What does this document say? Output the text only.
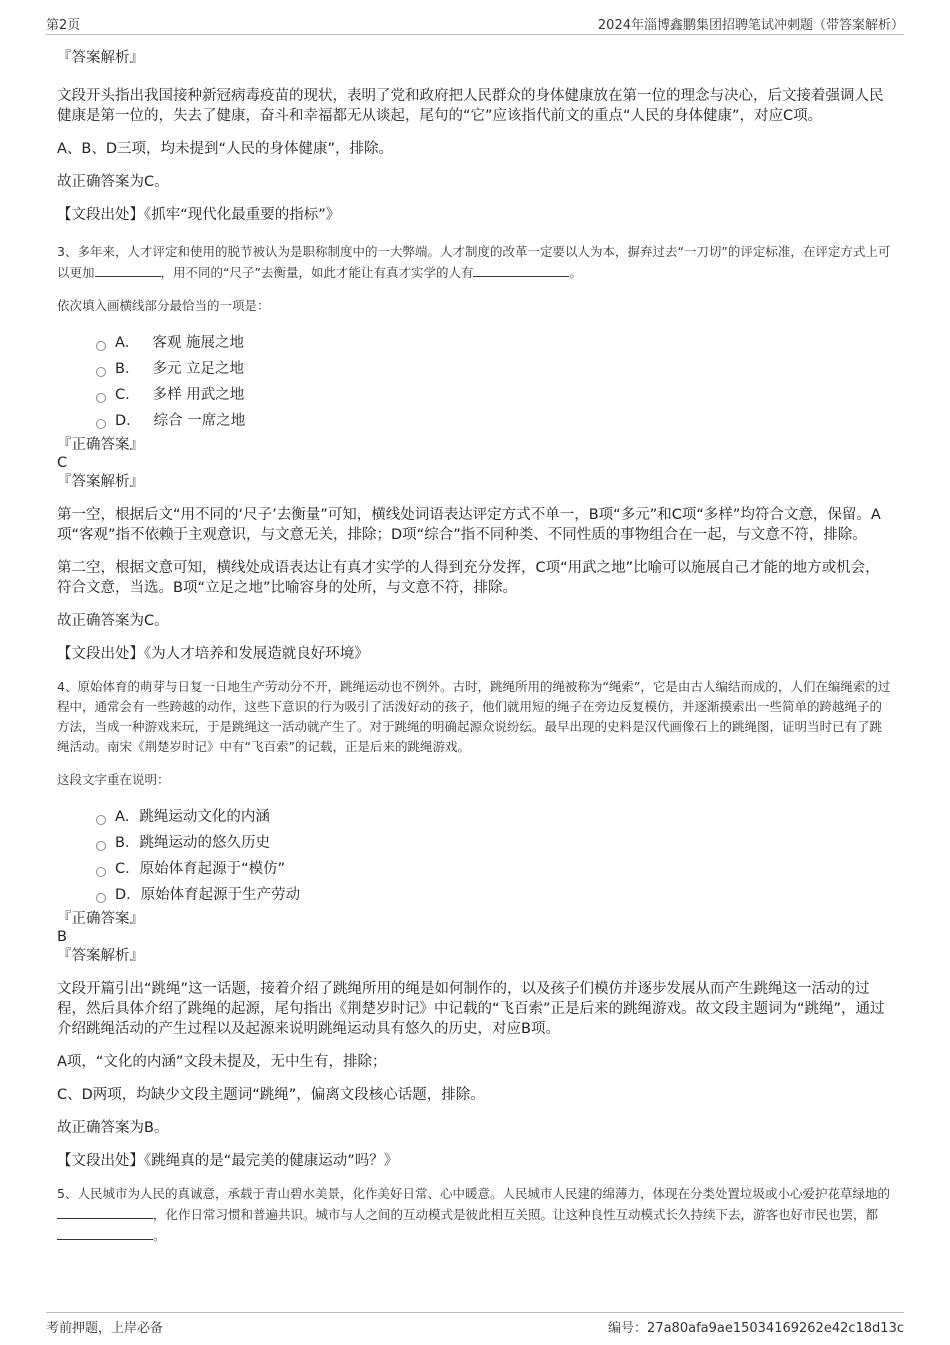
第2页	2024年淄博鑫鹏集团招聘笔试冲刺题（带答案解析）

『答案解析』

文段开头指出我国接种新冠病毒疫苗的现状，表明了党和政府把人民群众的身体健康放在第一位的理念与决心，后文接着强调人民健康是第一位的，失去了健康，奋斗和幸福都无从谈起，尾句的“它”应该指代前文的重点“人民的身体健康”，对应C项。

A、B、D三项，均未提到“人民的身体健康”，排除。

故正确答案为C。

【文段出处】《抓牢“现代化最重要的指标”》

3、多年来，人才评定和使用的脱节被认为是职称制度中的一大弊端。人才制度的改革一定要以人为本，摒弃过去“一刀切”的评定标准，在评定方式上可以更加	，用不同的“尺子”去衡量，如此才能让有真才实学的人有	。

依次填入画横线部分最恰当的一项是：

A． 客观 施展之地
B． 多元 立足之地
C． 多样 用武之地
D． 综合 一席之地

『正确答案』

C

『答案解析』

第一空，根据后文“用不同的‘尺子’去衡量”可知，横线处词语表达评定方式不单一，B项“多元”和C项“多样”均符合文意，保留。A项“客观”指不依赖于主观意识，与文意无关，排除；D项“综合”指不同种类、不同性质的事物组合在一起，与文意不符，排除。

第二空，根据文意可知，横线处成语表达让有真才实学的人得到充分发挥，C项“用武之地”比喻可以施展自己才能的地方或机会，符合文意，当选。B项“立足之地”比喻容身的处所，与文意不符，排除。

故正确答案为C。

【文段出处】《为人才培养和发展造就良好环境》

4、原始体育的萌芽与日复一日地生产劳动分不开，跳绳运动也不例外。古时，跳绳所用的绳被称为“绳索”，它是由古人编结而成的，人们在编绳索的过程中，通常会有一些跨越的动作，这些下意识的行为吸引了活泼好动的孩子，他们就用短的绳子在旁边反复模仿，并逐渐摸索出一些简单的跨越绳子的方法，当成一种游戏来玩，于是跳绳这一活动就产生了。对于跳绳的明确起源众说纷纭。最早出现的史料是汉代画像石上的跳绳图，证明当时已有了跳绳活动。南宋《荆楚岁时记》中有“飞百索”的记载，正是后来的跳绳游戏。

这段文字重在说明：

A． 跳绳运动文化的内涵
B． 跳绳运动的悠久历史
C． 原始体育起源于“模仿”
D． 原始体育起源于生产劳动

『正确答案』

B

『答案解析』

文段开篇引出“跳绳”这一话题，接着介绍了跳绳所用的绳是如何制作的，以及孩子们模仿并逐步发展从而产生跳绳这一活动的过程，然后具体介绍了跳绳的起源，尾句指出《荆楚岁时记》中记载的“飞百索”正是后来的跳绳游戏。故文段主题词为“跳绳”，通过介绍跳绳活动的产生过程以及起源来说明跳绳运动具有悠久的历史，对应B项。

A项，“文化的内涵”文段未提及，无中生有，排除；

C、D两项，均缺少文段主题词“跳绳”，偏离文段核心话题，排除。

故正确答案为B。

【文段出处】《跳绳真的是“最完美的健康运动”吗？》

5、人民城市为人民的真诚意，承载于青山碧水美景，化作美好日常、心中暖意。人民城市人民建的绵薄力，体现在分类处置垃圾或小心爱护花草绿地的，化作日常习惯和普遍共识。城市与人之间的互动模式是彼此相互关照。让这种良性互动模式长久持续下去，游客也好市民也罢，都。

考前押题，上岸必备	编号：27a80afa9ae15034169262e42c18d13c
